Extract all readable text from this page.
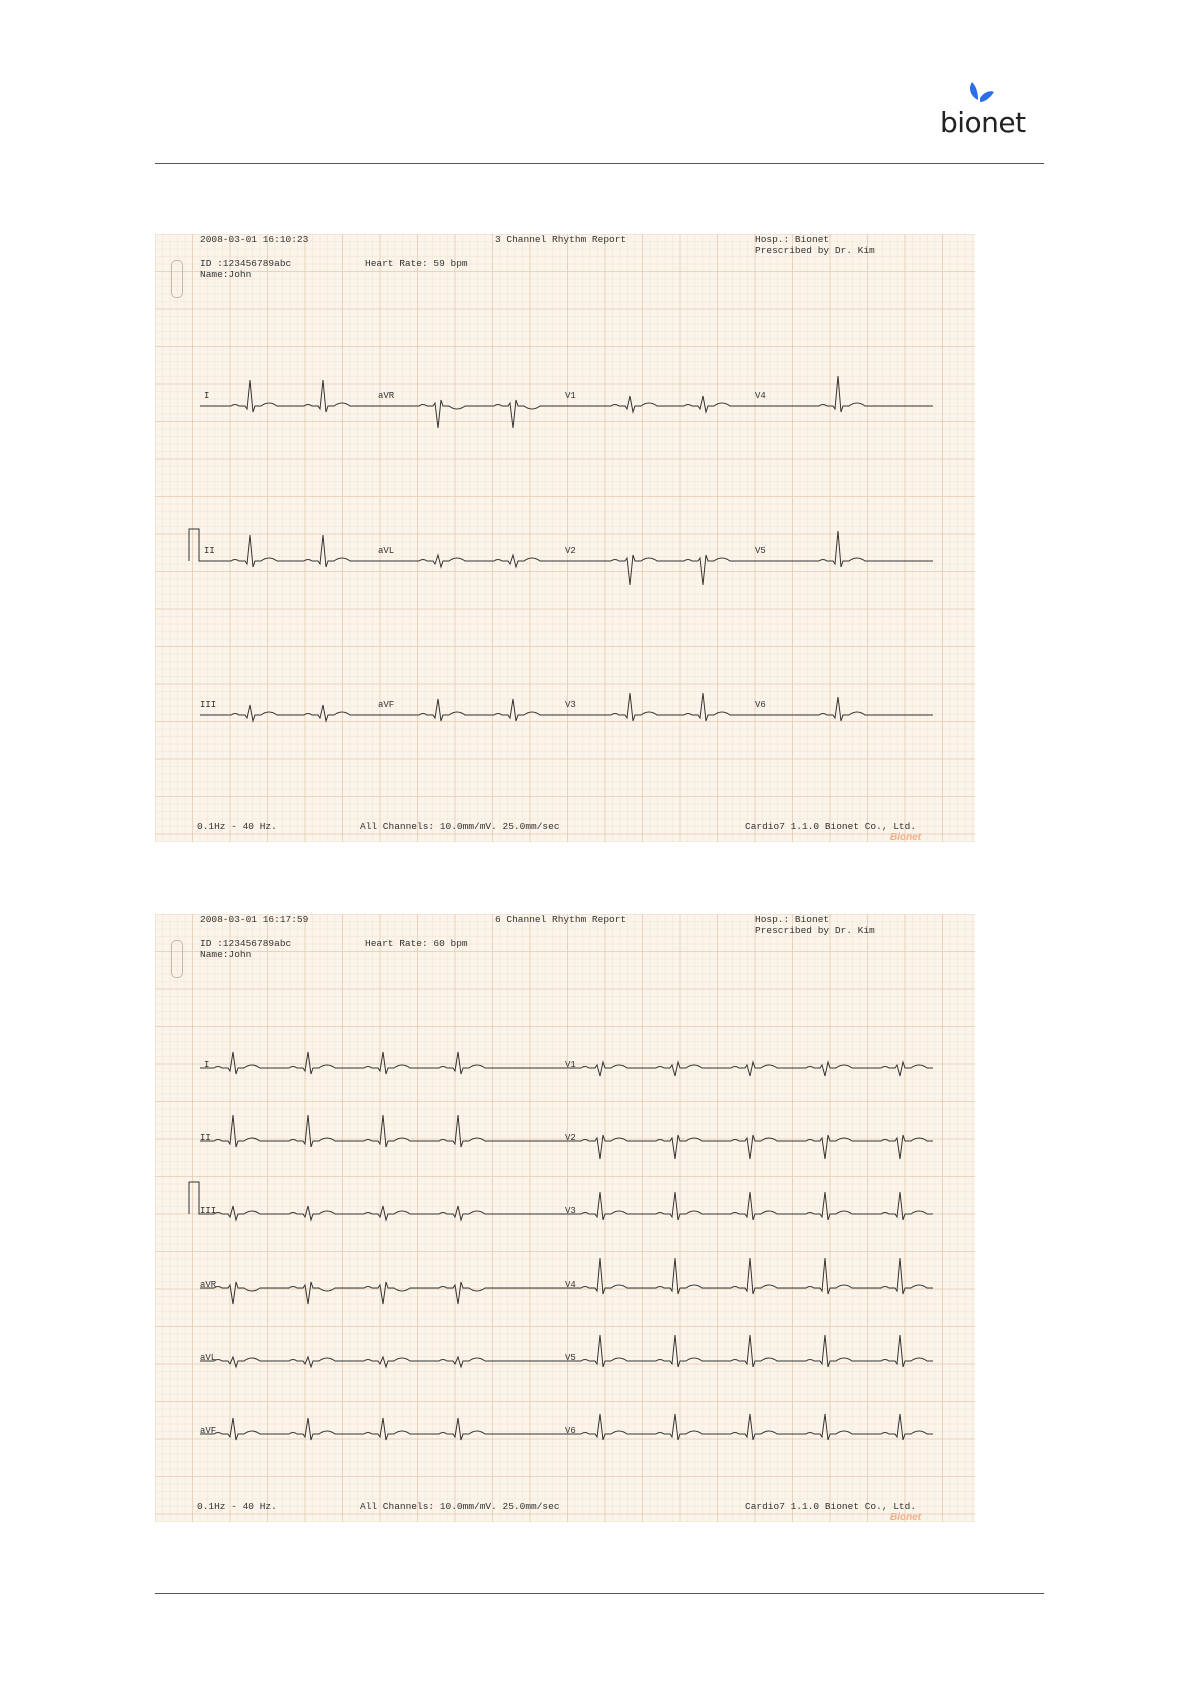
bionet
2008-03-01 16:10:23	3 Channel Rhythm Report	Hosp.: Bionet
Prescribed by Dr. Kim
ID :123456789abc
Name:John
Heart Rate: 59 bpm
0.1Hz - 40 Hz.	All Channels: 10.0mm/mV. 25.0mm/sec	Cardio7 1.1.0 Bionet Co., Ltd.
Bionet
I	aVR	V1	V4
II	aVL	V2	V5
III	aVF	V3	V6
2008-03-01 16:17:59	6 Channel Rhythm Report	Hosp.: Bionet
Prescribed by Dr. Kim
ID :123456789abc
Name:John
Heart Rate: 60 bpm
0.1Hz - 40 Hz.	All Channels: 10.0mm/mV. 25.0mm/sec	Cardio7 1.1.0 Bionet Co., Ltd.
Bionet
I	V1
II	V2
III	V3
aVR	V4
aVL	V5
aVF	V6
